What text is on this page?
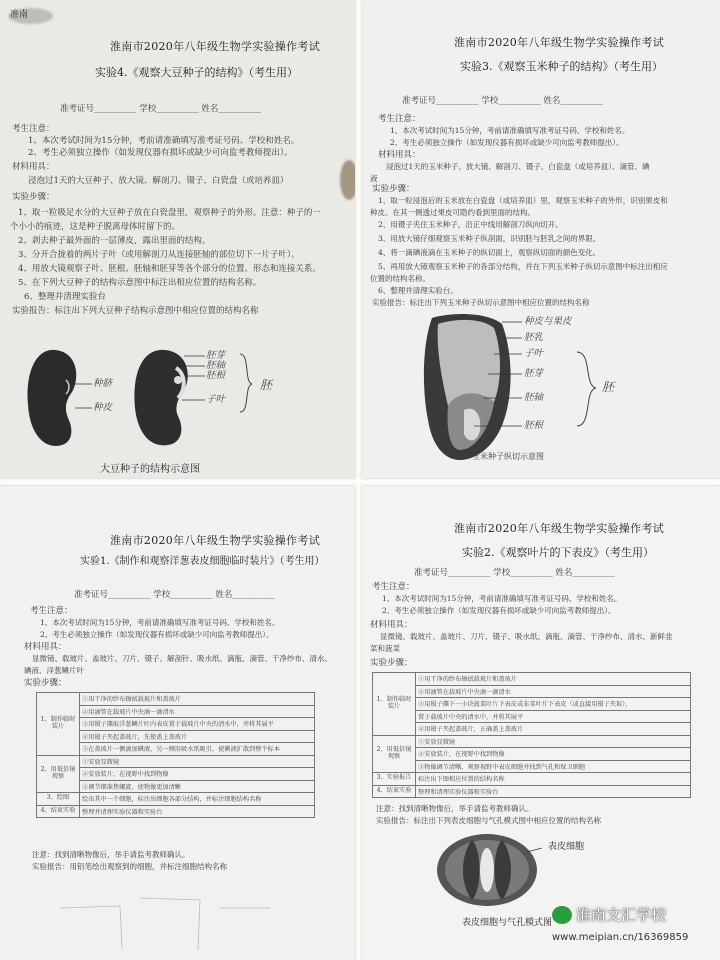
准南
淮南市2020年八年级生物学实验操作考试
实验4.《观察大豆种子的结构》（考生用）
准考证号__________ 学校__________ 姓名__________
考生注意：
1、本次考试时间为15分钟，考前请准确填写准考证号码、学校和姓名。
2、考生必须独立操作（如发现仪器有损坏或缺少可向监考教师提出）。
材料用具：
浸泡过1天的大豆种子、放大镜、解剖刀、镊子、白瓷盘（或培养皿）
实验步骤：
1、取一粒吸足水分的大豆种子放在白瓷盘里，观察种子的外形。注意：种子的一
个小小的痕迹，这是种子脱离母体时留下的。
2、剥去种子最外面的一层薄皮，露出里面的结构。
3、分开合拢着的两片子叶（或用解剖刀从连接胚轴的部位切下一片子叶）。
4、用放大镜观察子叶、胚根、胚轴和胚芽等各个部分的位置、形态和连接关系。
5、在下列大豆种子的结构示意图中标注出相应位置的结构名称。
6、整理并清理实验台
实验报告：标注出下列大豆种子结构示意图中相应位置的结构名称
种脐
种皮
胚芽
胚轴
胚根
子叶
胚
大豆种子的结构示意图
淮南市2020年八年级生物学实验操作考试
实验3.《观察玉米种子的结构》（考生用）
准考证号__________ 学校__________ 姓名__________
考生注意：
1、本次考试时间为15分钟，考前请准确填写准考证号码、学校和姓名。
2、考生必须独立操作（如发现仪器有损坏或缺少可向监考教师提出）。
材料用具：
浸泡过1天的玉米种子、放大镜、解剖刀、镊子、白瓷盘（或培养皿）、滴管、碘
液
实验步骤：
1、取一粒浸泡后的玉米放在白瓷盘（或培养皿）里，观察玉米种子的外形，识别果皮和
种皮。在其一侧透过果皮可隐约看到里面的结构。
2、用镊子夹住玉米种子，沿正中线用解剖刀纵向切开。
3、用放大镜仔细观察玉米种子纵剖面，识别胚与胚乳之间的界限。
4、将一滴碘液滴在玉米种子的纵切面上，观察纵切面的颜色变化。
5、再用放大镜观察玉米种子的各部分结构，并在下列玉米种子纵切示意图中标注出相应
位置的结构名称。
6、整理并清理实验台。
实验报告：标注出下列玉米种子纵切示意图中相应位置的结构名称
种皮与果皮
胚乳
子叶
胚芽
胚轴
胚根
胚
玉米种子纵切示意图
淮南市2020年八年级生物学实验操作考试
实验1.《制作和观察洋葱表皮细胞临时装片》（考生用）
准考证号__________ 学校__________ 姓名__________
考生注意：
1、本次考试时间为15分钟，考前请准确填写准考证号码、学校和姓名。
2、考生必须独立操作（如发现仪器有损坏或缺少可向监考教师提出）。
材料用具：
显微镜、载玻片、盖玻片、刀片、镊子、解剖针、吸水纸、滴瓶、滴管、干净纱布、清水、
碘液、洋葱鳞片叶
实验步骤：
1、制作临时装片	①用干净的纱布擦拭载玻片和盖玻片
	②用滴管在载玻片中央滴一滴清水
	③用镊子撕取洋葱鳞片叶内表皮置于载玻片中央的清水中，并将其展平
	④用镊子夹起盖玻片，先使盖上盖玻片
	⑤在盖玻片一侧滴加碘液，另一侧用吸水纸吸引，使碘液扩散到整个标本
2、用低倍镜观察	①安放显微镜
	②安放装片，在视野中找到物像
	③调节细准焦螺旋，使物像更加清晰
3、绘图	绘出其中一个细胞，标注出细胞各部分结构，并标注细胞结构名称
4、结束实验	整理并清理实验仪器和实验台
注意：找到清晰物像后，举手请监考教师确认。
实验报告：用铅笔绘出观察到的细胞，并标注细胞结构名称
淮南市2020年八年级生物学实验操作考试
实验2.《观察叶片的下表皮》（考生用）
准考证号__________ 学校__________ 姓名__________
考生注意：
1、本次考试时间为15分钟，考前请准确填写准考证号码、学校和姓名。
2、考生必须独立操作（如发现仪器有损坏或缺少可向监考教师提出）。
材料用具：
显微镜、载玻片、盖玻片、刀片、镊子、吸水纸、滴瓶、滴管、干净纱布、清水、新鲜韭
菜和菠菜
实验步骤：
1、制作临时装片	①用干净的纱布擦拭载玻片和盖玻片
	②用滴管在载玻片中央滴一滴清水
	③用镊子撕下一小块菠菜叶片下表皮或韭菜叶片下表皮（或直接用镊子夹取），
	置于载玻片中央的清水中，并将其展平
	④用镊子夹起盖玻片，正确盖上盖玻片
2、用低倍镜观察	①安放显微镜
	②安放装片，在视野中找到物像
	③物像调节清晰，观察视野中表皮细胞并找到气孔和保卫细胞
3、实验报告	标注出下图相应位置的结构名称
4、结束实验	整理和清理实验仪器和实验台
注意：找到清晰物像后，举手请监考教师确认。
实验报告：标注出下列表皮细胞与气孔模式图中相应位置的结构名称
表皮细胞
表皮细胞与气孔模式图 淮南文汇学校
www.meipian.cn/16369859
